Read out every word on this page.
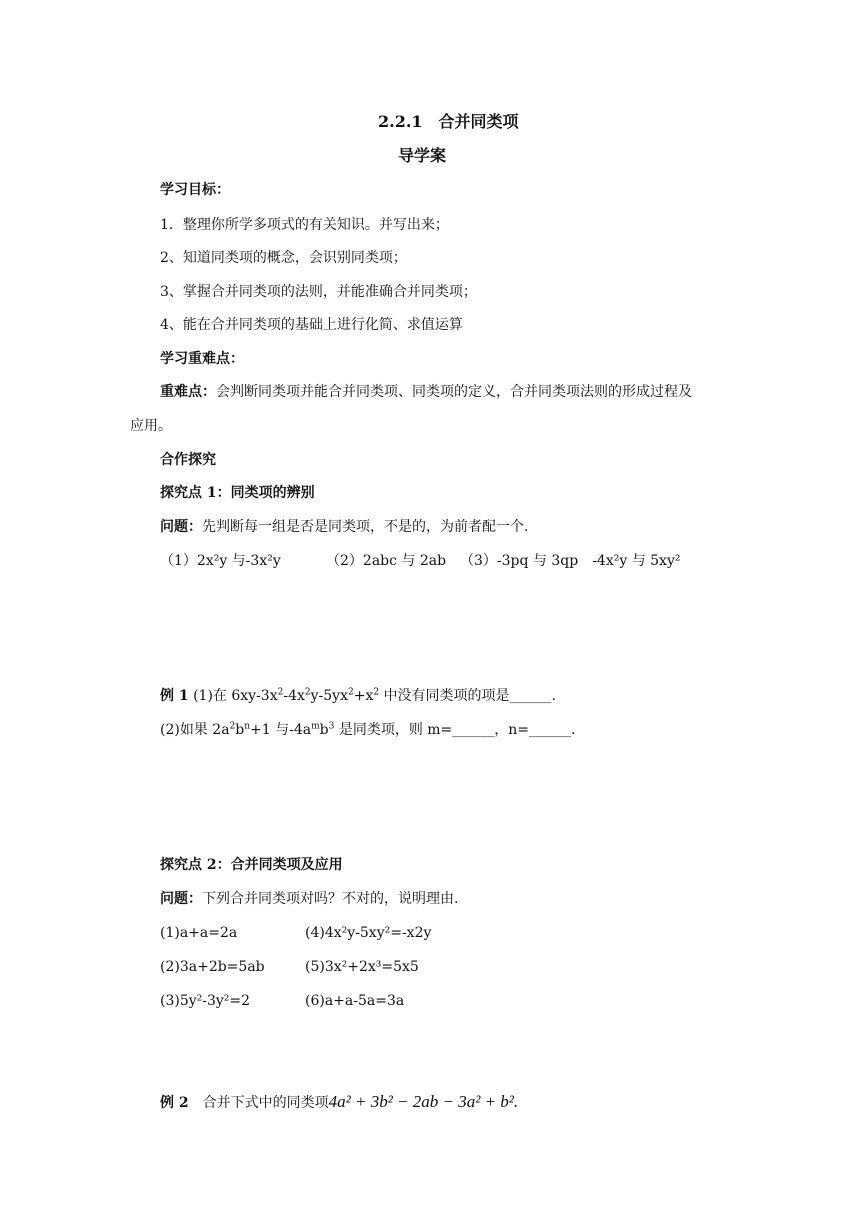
2.2.1　合并同类项
导学案
学习目标：
1．整理你所学多项式的有关知识。并写出来；
2、知道同类项的概念，会识别同类项；
3、掌握合并同类项的法则，并能准确合并同类项；
4、能在合并同类项的基础上进行化简、求值运算
学习重难点：
重难点：会判断同类项并能合并同类项、同类项的定义，合并同类项法则的形成过程及
应用。
合作探究
探究点 1：同类项的辨别
问题：先判断每一组是否是同类项，不是的，为前者配一个.
（1）2x²y 与-3x²y	（2）2abc 与 2ab （3）-3pq 与 3qp　-4x²y 与 5xy²
例 1 (1)在 $6xy-3x^2-4x^2y-5yx^2+x^2$ 中没有同类项的项是______.
(2)如果 $2a^2b^n+1$ 与$-4a^mb^3$ 是同类项，则 m=______，n=______.
探究点 2：合并同类项及应用
问题：下列合并同类项对吗？不对的，说明理由.
(1)a+a=2a	(4)4x²y-5xy²=-x2y
(2)3a+2b=5ab	(5)3x²+2x³=5x5
(3)5y²-3y²=2	(6)a+a-5a=3a
例 2　合并下式中的同类项4a² + 3b² − 2ab − 3a² + b².
